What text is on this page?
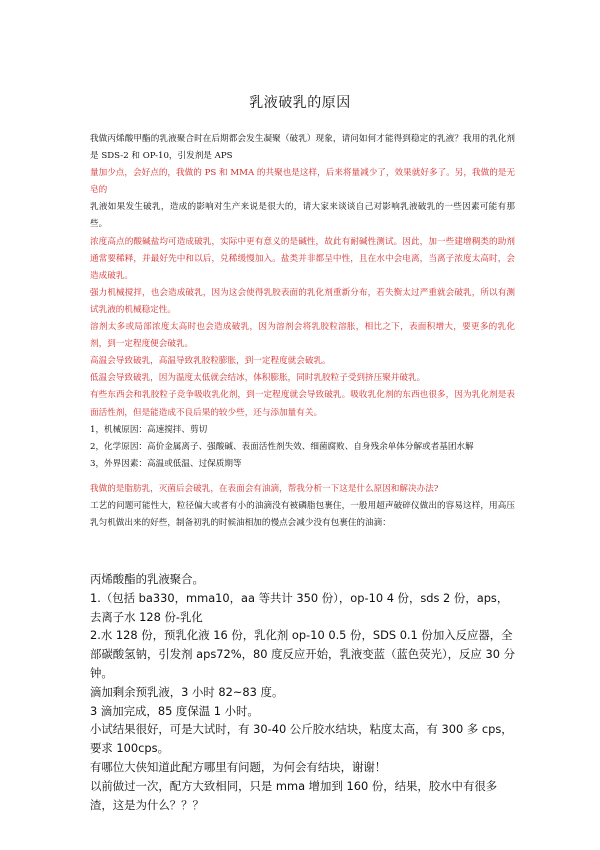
乳液破乳的原因

我做丙烯酸甲酯的乳液聚合时在后期都会发生凝聚（破乳）现象，请问如何才能得到稳定的乳液？我用的乳化剂是 SDS-2 和 OP-10，引发剂是 APS

量加少点，会好点的，我做的 PS 和 MMA 的共聚也是这样，后来将量减少了，效果就好多了。另，我做的是无皂的

乳液如果发生破乳，造成的影响对生产来说是很大的，请大家来谈谈自己对影响乳液破乳的一些因素可能有那些。

浓度高点的酸碱盐均可造成破乳，实际中更有意义的是碱性，故此有耐碱性测试。因此，加一些建增稠类的助剂通常要稀释，并最好先中和以后，兑稀缓慢加入。盐类并非都呈中性，且在水中会电离，当离子浓度太高时，会造成破乳。

强力机械搅拌，也会造成破乳，因为这会使得乳胶表面的乳化剂重新分布，若失衡太过严重就会破乳，所以有测试乳液的机械稳定性。

溶剂太多或局部浓度太高时也会造成破乳，因为溶剂会将乳胶粒溶胀，相比之下，表面积增大，要更多的乳化剂，到一定程度便会破乳。

高温会导致破乳，高温导致乳胶粒膨胀，到一定程度就会破乳。

低温会导致破乳，因为温度太低就会结冰，体积膨胀，同时乳胶粒子受到挤压聚并破乳。

有些东西会和乳胶粒子竞争吸收乳化剂，到一定程度就会导致破乳。吸收乳化剂的东西也很多，因为乳化剂是表面活性剂，但是能造成不良后果的较少些，还与添加量有关。

1，机械原因：高速搅拌、剪切

2，化学原因：高价金属离子、强酸碱、表面活性剂失效、细菌腐败、自身残余单体分解或者基团水解

3，外界因素：高温或低温、过保质期等

我做的是脂肪乳，灭菌后会破乳，在表面会有油滴，帮我分析一下这是什么原因和解决办法?

工艺的问题可能性大，粒径偏大或者有小的油滴没有被磷脂包裹住，一般用超声破碎仪做出的容易这样，用高压乳匀机做出来的好些，制备初乳的时候油相加的慢点会减少没有包裹住的油滴：

丙烯酸酯的乳液聚合。

1.（包括 ba330，mma10，aa 等共计 350 份），op-10 4 份，sds 2 份，aps，去离子水 128 份-乳化

2.水 128 份，预乳化液 16 份，乳化剂 op-10 0.5 份，SDS 0.1 份加入反应器，全部碳酸氢钠，引发剂 aps72%，80 度反应开始，乳液变蓝（蓝色荧光），反应 30 分钟。

滴加剩余预乳液，3 小时 82~83 度。

3 滴加完成，85 度保温 1 小时。

小试结果很好，可是大试时，有 30-40 公斤胶水结块，粘度太高，有 300 多 cps，要求 100cps。

有哪位大侠知道此配方哪里有问题，为何会有结块，谢谢！

以前做过一次，配方大致相同，只是 mma 增加到 160 份，结果，胶水中有很多渣，这是为什么？？？
